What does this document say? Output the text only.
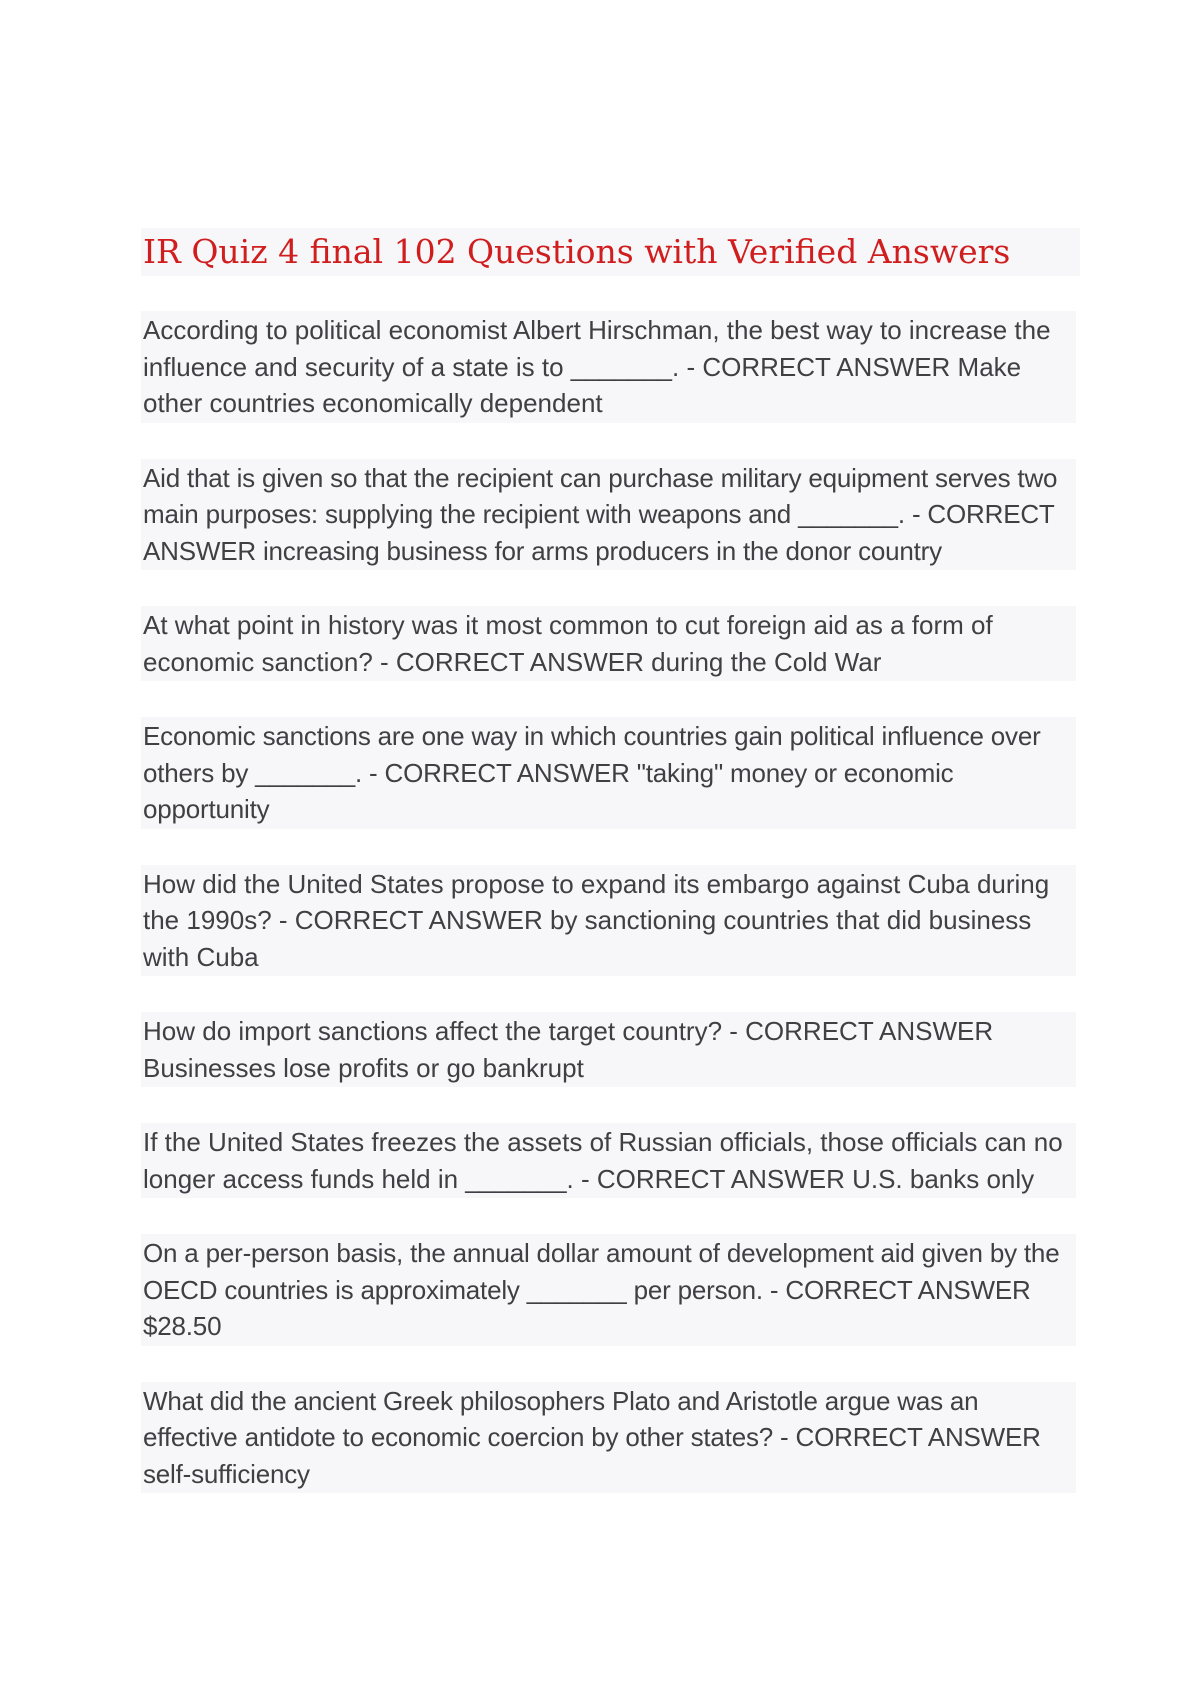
IR Quiz 4 final 102 Questions with Verified Answers

According to political economist Albert Hirschman, the best way to increase the influence and security of a state is to _______. - CORRECT ANSWER Make other countries economically dependent

Aid that is given so that the recipient can purchase military equipment serves two main purposes: supplying the recipient with weapons and _______. - CORRECT ANSWER increasing business for arms producers in the donor country

At what point in history was it most common to cut foreign aid as a form of economic sanction? - CORRECT ANSWER during the Cold War

Economic sanctions are one way in which countries gain political influence over others by _______. - CORRECT ANSWER "taking" money or economic opportunity

How did the United States propose to expand its embargo against Cuba during the 1990s? - CORRECT ANSWER by sanctioning countries that did business with Cuba

How do import sanctions affect the target country? - CORRECT ANSWER Businesses lose profits or go bankrupt

If the United States freezes the assets of Russian officials, those officials can no longer access funds held in _______. - CORRECT ANSWER U.S. banks only

On a per-person basis, the annual dollar amount of development aid given by the OECD countries is approximately _______ per person. - CORRECT ANSWER $28.50

What did the ancient Greek philosophers Plato and Aristotle argue was an effective antidote to economic coercion by other states? - CORRECT ANSWER self-sufficiency
